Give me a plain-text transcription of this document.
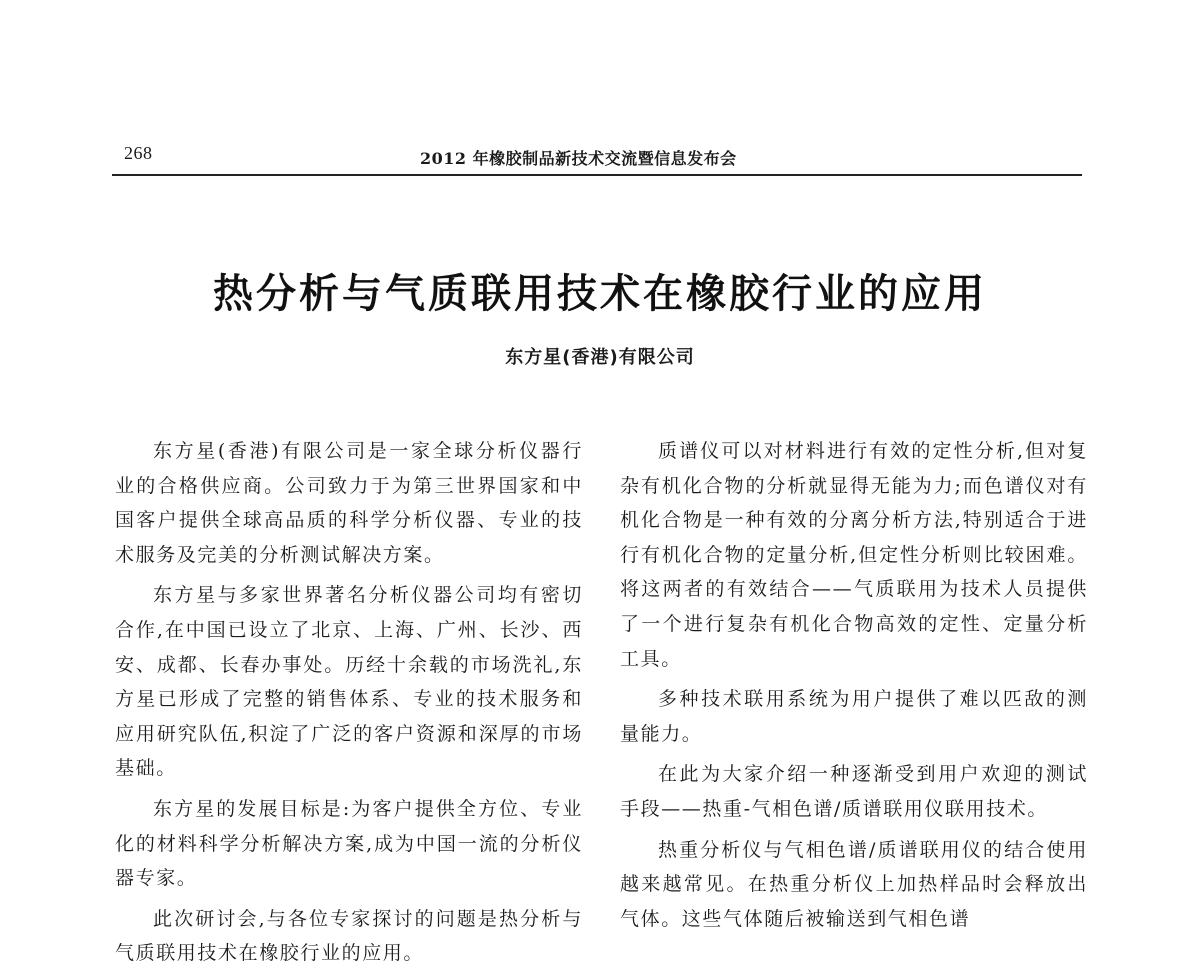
268	2012 年橡胶制品新技术交流暨信息发布会
热分析与气质联用技术在橡胶行业的应用
东方星(香港)有限公司

东方星(香港)有限公司是一家全球分析仪器行业的合格供应商。公司致力于为第三世界国家和中国客户提供全球高品质的科学分析仪器、专业的技术服务及完美的分析测试解决方案。

东方星与多家世界著名分析仪器公司均有密切合作,在中国已设立了北京、上海、广州、长沙、西安、成都、长春办事处。历经十余载的市场洗礼,东方星已形成了完整的销售体系、专业的技术服务和应用研究队伍,积淀了广泛的客户资源和深厚的市场基础。

东方星的发展目标是:为客户提供全方位、专业化的材料科学分析解决方案,成为中国一流的分析仪器专家。

此次研讨会,与各位专家探讨的问题是热分析与气质联用技术在橡胶行业的应用。

质谱仪可以对材料进行有效的定性分析,但对复杂有机化合物的分析就显得无能为力;而色谱仪对有机化合物是一种有效的分离分析方法,特别适合于进行有机化合物的定量分析,但定性分析则比较困难。将这两者的有效结合——气质联用为技术人员提供了一个进行复杂有机化合物高效的定性、定量分析工具。

多种技术联用系统为用户提供了难以匹敌的测量能力。

在此为大家介绍一种逐渐受到用户欢迎的测试手段——热重-气相色谱/质谱联用仪联用技术。

热重分析仪与气相色谱/质谱联用仪的结合使用越来越常见。在热重分析仪上加热样品时会释放出气体。这些气体随后被输送到气相色谱
